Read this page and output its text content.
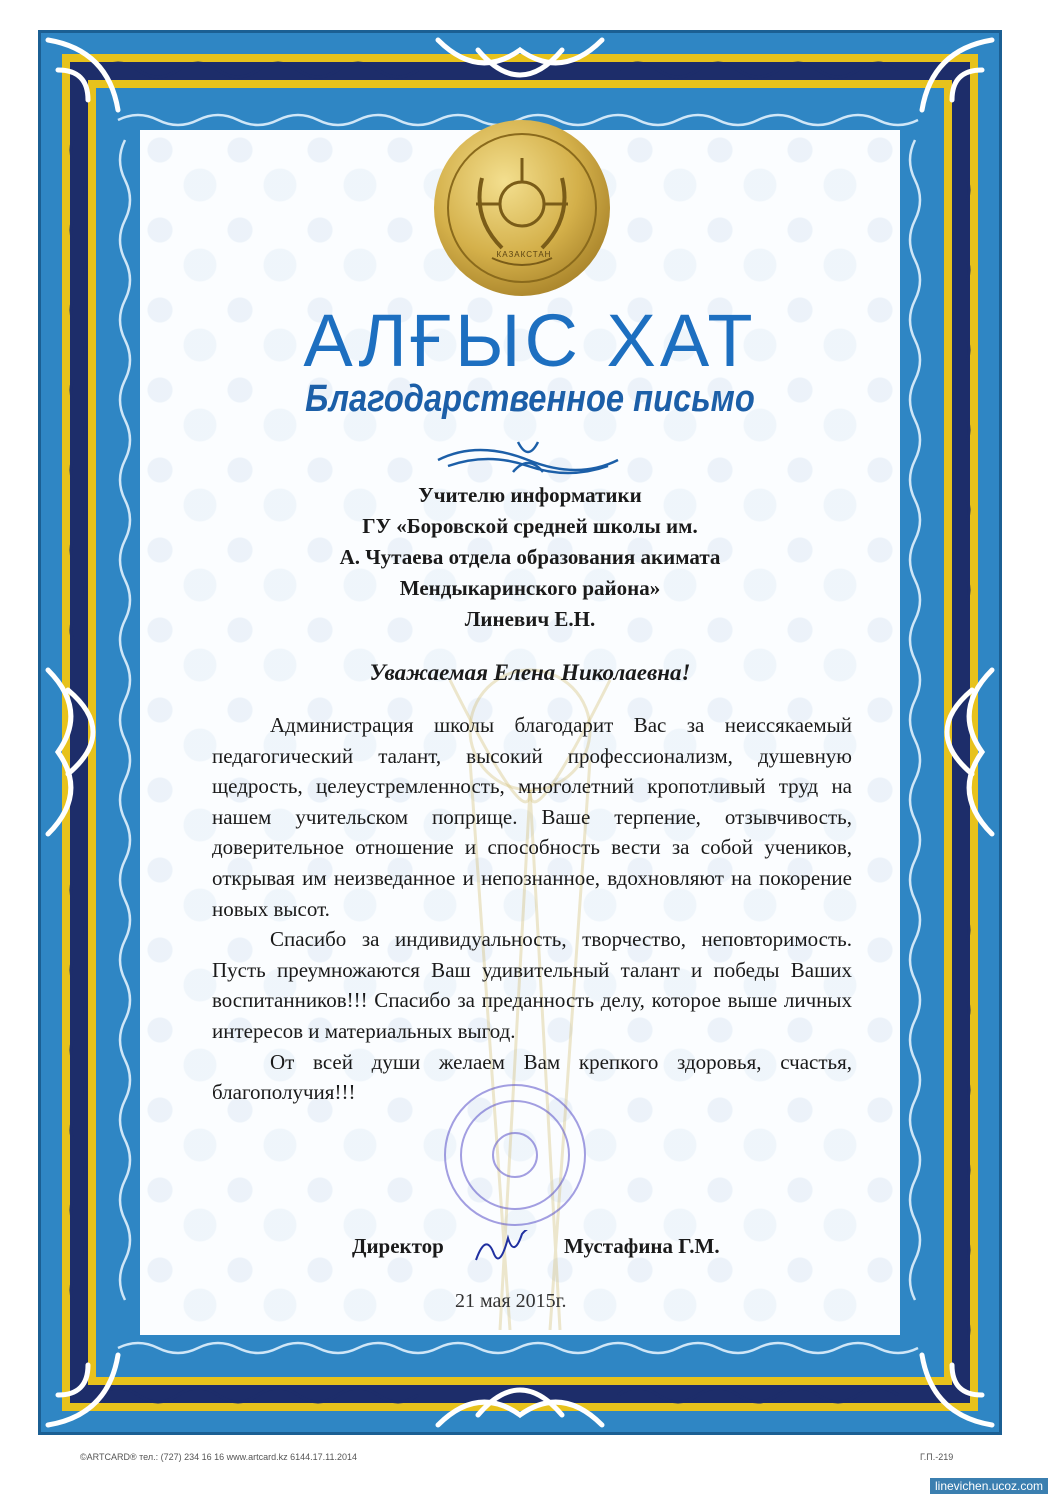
КАЗАКСТАН
АЛҒЫС ХАТ
Благодарственное письмо
Учителю информатики
ГУ «Боровской средней школы им.
А. Чутаева отдела образования акимата
Мендыкаринского района»
Линевич Е.Н.
Уважаемая Елена Николаевна!

Администрация школы благодарит Вас за неиссякаемый педагогический талант, высокий профессионализм, душевную щедрость, целеустремленность, многолетний кропотливый труд на нашем учительском поприще. Ваше терпение, отзывчивость, доверительное отношение и способность вести за собой учеников, открывая им неизведанное и непознанное, вдохновляют на покорение новых высот.

Спасибо за индивидуальность, творчество, неповторимость. Пусть преумножаются Ваш удивительный талант и победы Ваших воспитанников!!! Спасибо за преданность делу, которое выше личных интересов и материальных выгод.

От всей души желаем Вам крепкого здоровья, счастья, благополучия!!!

Директор	Мустафина Г.М.
21 мая 2015г.
©ARTCARD® тел.: (727) 234 16 16 www.artcard.kz 6144.17.11.2014	Г.П.-219
linevichen.ucoz.com
